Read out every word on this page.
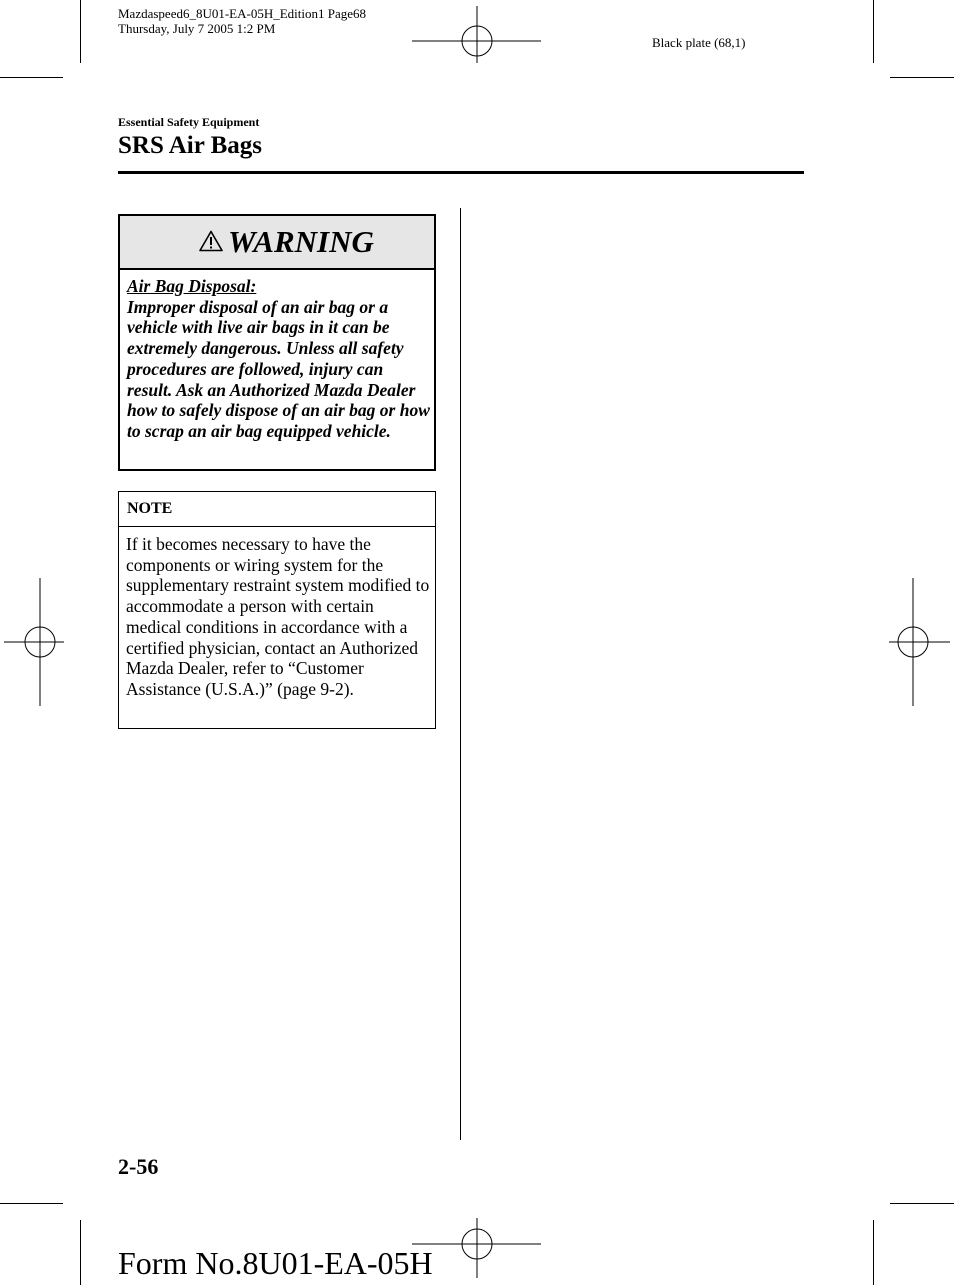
Mazdaspeed6_8U01-EA-05H_Edition1 Page68
Thursday, July 7 2005 1:2 PM
Black plate (68,1)
Essential Safety Equipment
SRS Air Bags
WARNING
Air Bag Disposal:
Improper disposal of an air bag or a vehicle with live air bags in it can be extremely dangerous. Unless all safety procedures are followed, injury can result. Ask an Authorized Mazda Dealer how to safely dispose of an air bag or how to scrap an air bag equipped vehicle.
NOTE
If it becomes necessary to have the components or wiring system for the supplementary restraint system modified to accommodate a person with certain medical conditions in accordance with a certified physician, contact an Authorized Mazda Dealer, refer to “Customer Assistance (U.S.A.)” (page 9-2).
2-56
Form No.8U01-EA-05H
